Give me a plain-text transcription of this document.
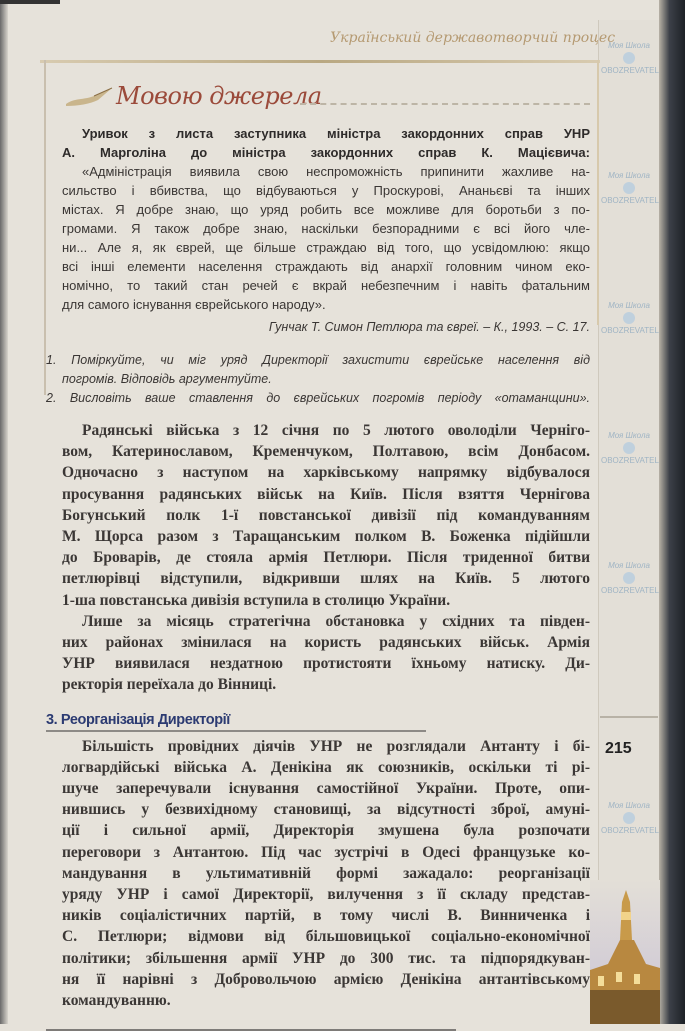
Український державотворчий процес
Мовою джерела
Уривок з листа заступника міністра закордонних справ УНР
А. Марголіна до міністра закордонних справ К. Мацієвича:
«Адміністрація виявила свою неспроможність припинити жахливе на-
сильство і вбивства, що відбуваються у Проскурові, Ананьєві та інших
містах. Я добре знаю, що уряд робить все можливе для боротьби з по-
громами. Я також добре знаю, наскільки безпорадними є всі його чле-
ни... Але я, як єврей, ще більше страждаю від того, що усвідомлюю: якщо
всі інші елементи населення страждають від анархії головним чином еко-
номічно, то такий стан речей є вкрай небезпечним і навіть фатальним
для самого існування єврейського народу».
Гунчак Т. Симон Петлюра та євреї. – К., 1993. – С. 17.
1. Поміркуйте, чи міг уряд Директорії захистити єврейське населення від
погромів. Відповідь аргументуйте.
2. Висловіть ваше ставлення до єврейських погромів періоду «отаманщини».
Радянські війська з 12 січня по 5 лютого оволоділи Черніго-
вом, Катеринославом, Кременчуком, Полтавою, всім Донбасом.
Одночасно з наступом на харківському напрямку відбувалося
просування радянських військ на Київ. Після взяття Чернігова
Богунський полк 1-ї повстанської дивізії під командуванням
М. Щорса разом з Таращанським полком В. Боженка підійшли
до Броварів, де стояла армія Петлюри. Після триденної битви
петлюрівці відступили, відкривши шлях на Київ. 5 лютого
1-ша повстанська дивізія вступила в столицю України.
Лише за місяць стратегічна обстановка у східних та півден-
них районах змінилася на користь радянських військ. Армія
УНР виявилася нездатною протистояти їхньому натиску. Ди-
ректорія переїхала до Вінниці.
3. Реорганізація Директорії
Більшість провідних діячів УНР не розглядали Антанту і бі-
логвардійські війська А. Денікіна як союзників, оскільки ті рі-
шуче заперечували існування самостійної України. Проте, опи-
нившись у безвихідному становищі, за відсутності зброї, амуні-
ції і сильної армії, Директорія змушена була розпочати
переговори з Антантою. Під час зустрічі в Одесі французьке ко-
мандування в ультимативній формі зажадало: реорганізації
уряду УНР і самої Директорії, вилучення з її складу представ-
ників соціалістичних партій, в тому числі В. Винниченка і
С. Петлюри; відмови від більшовицької соціально-економічної
політики; збільшення армії УНР до 300 тис. та підпорядкуван-
ня її нарівні з Добровольчою армією Денікіна антантівському
командуванню.
215
Моя Школа
OBOZREVATEL
Моя Школа
OBOZREVATEL
Моя Школа
OBOZREVATEL
Моя Школа
OBOZREVATEL
Моя Школа
OBOZREVATEL
Моя Школа
OBOZREVATEL
